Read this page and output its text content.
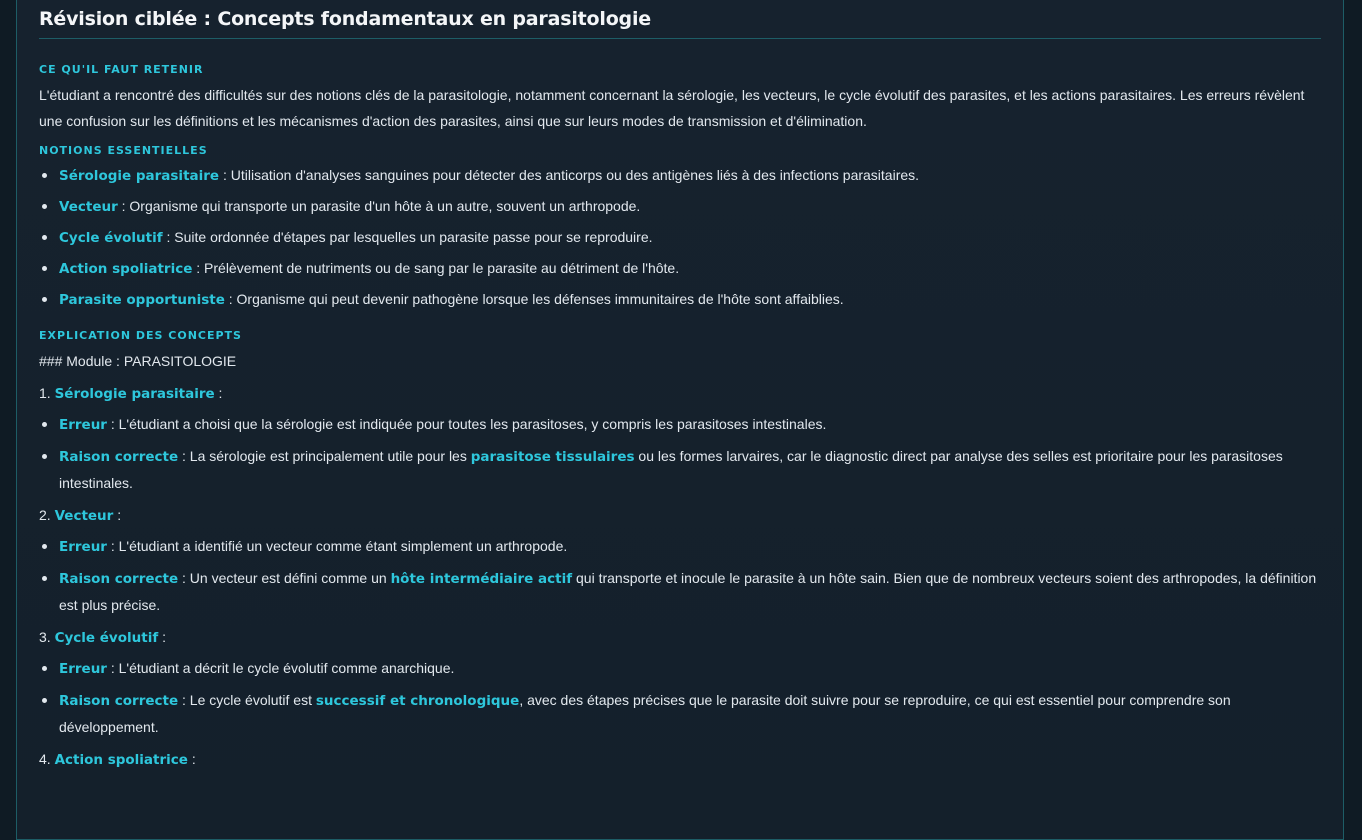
Révision ciblée : Concepts fondamentaux en parasitologie
CE QU'IL FAUT RETENIR

L'étudiant a rencontré des difficultés sur des notions clés de la parasitologie, notamment concernant la sérologie, les vecteurs, le cycle évolutif des parasites, et les actions parasitaires. Les erreurs révèlent une confusion sur les définitions et les mécanismes d'action des parasites, ainsi que sur leurs modes de transmission et d'élimination.

NOTIONS ESSENTIELLES
Sérologie parasitaire : Utilisation d'analyses sanguines pour détecter des anticorps ou des antigènes liés à des infections parasitaires.
Vecteur : Organisme qui transporte un parasite d'un hôte à un autre, souvent un arthropode.
Cycle évolutif : Suite ordonnée d'étapes par lesquelles un parasite passe pour se reproduire.
Action spoliatrice : Prélèvement de nutriments ou de sang par le parasite au détriment de l'hôte.
Parasite opportuniste : Organisme qui peut devenir pathogène lorsque les défenses immunitaires de l'hôte sont affaiblies.
EXPLICATION DES CONCEPTS
### Module : PARASITOLOGIE
1. Sérologie parasitaire :
Erreur : L'étudiant a choisi que la sérologie est indiquée pour toutes les parasitoses, y compris les parasitoses intestinales.
Raison correcte : La sérologie est principalement utile pour les parasitose tissulaires ou les formes larvaires, car le diagnostic direct par analyse des selles est prioritaire pour les parasitoses intestinales.
2. Vecteur :
Erreur : L'étudiant a identifié un vecteur comme étant simplement un arthropode.
Raison correcte : Un vecteur est défini comme un hôte intermédiaire actif qui transporte et inocule le parasite à un hôte sain. Bien que de nombreux vecteurs soient des arthropodes, la définition est plus précise.
3. Cycle évolutif :
Erreur : L'étudiant a décrit le cycle évolutif comme anarchique.
Raison correcte : Le cycle évolutif est successif et chronologique, avec des étapes précises que le parasite doit suivre pour se reproduire, ce qui est essentiel pour comprendre son développement.
4. Action spoliatrice :
